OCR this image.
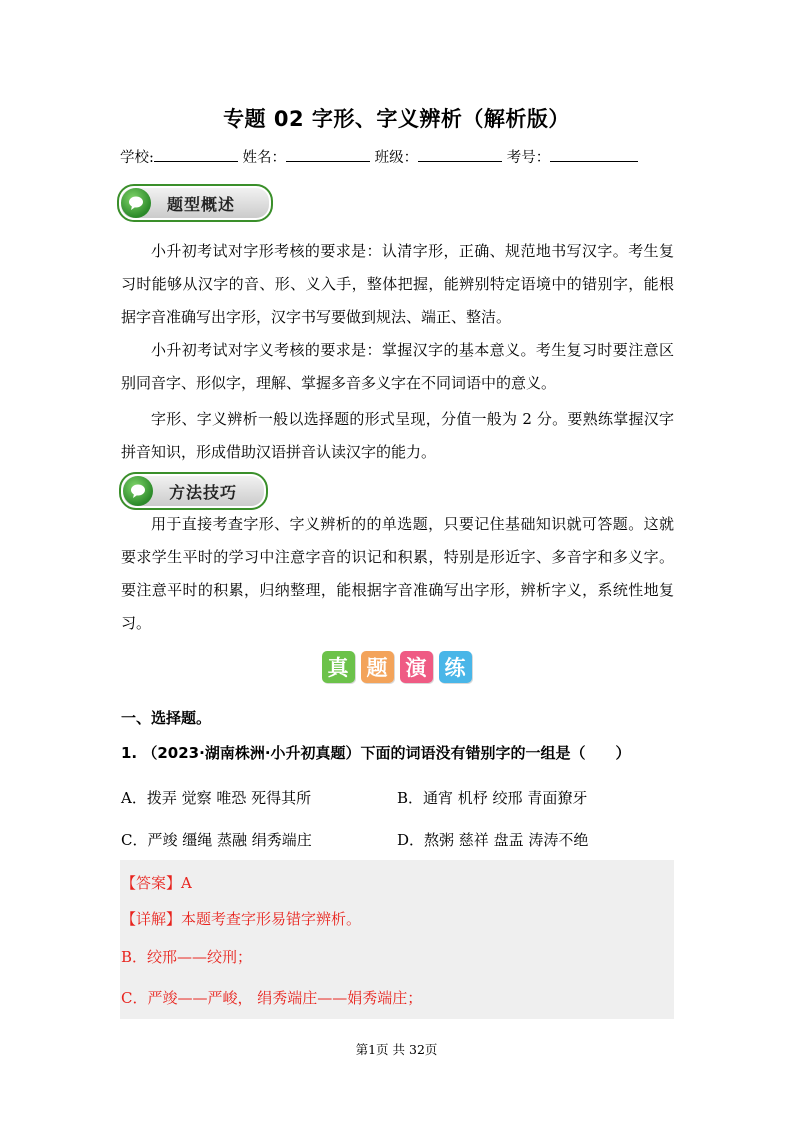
专题 02 字形、字义辨析（解析版）
学校:	姓名：	班级：	考号：
题型概述

小升初考试对字形考核的要求是：认清字形，正确、规范地书写汉字。考生复习时能够从汉字的音、形、义入手，整体把握，能辨别特定语境中的错别字，能根据字音准确写出字形，汉字书写要做到规法、端正、整洁。

小升初考试对字义考核的要求是：掌握汉字的基本意义。考生复习时要注意区别同音字、形似字，理解、掌握多音多义字在不同词语中的意义。

字形、字义辨析一般以选择题的形式呈现，分值一般为 2 分。要熟练掌握汉字拼音知识，形成借助汉语拼音认读汉字的能力。

方法技巧

用于直接考查字形、字义辨析的的单选题，只要记住基础知识就可答题。这就要求学生平时的学习中注意字音的识记和积累，特别是形近字、多音字和多义字。要注意平时的积累，归纳整理，能根据字音准确写出字形，辨析字义，系统性地复习。

真 题 演 练
一、选择题。
1. （2023·湖南株洲·小升初真题）下面的词语没有错别字的一组是（　　）
A．拨弄 觉察 唯恐 死得其所	B．通宵 机杼 绞邢 青面獠牙
C．严竣 缰绳 蒸融 绢秀端庄	D．熬粥 慈祥 盘盂 涛涛不绝
【答案】A
【详解】本题考查字形易错字辨析。
B．绞邢——绞刑；
C．严竣——严峻， 绢秀端庄——娟秀端庄；
第1页 共 32页
